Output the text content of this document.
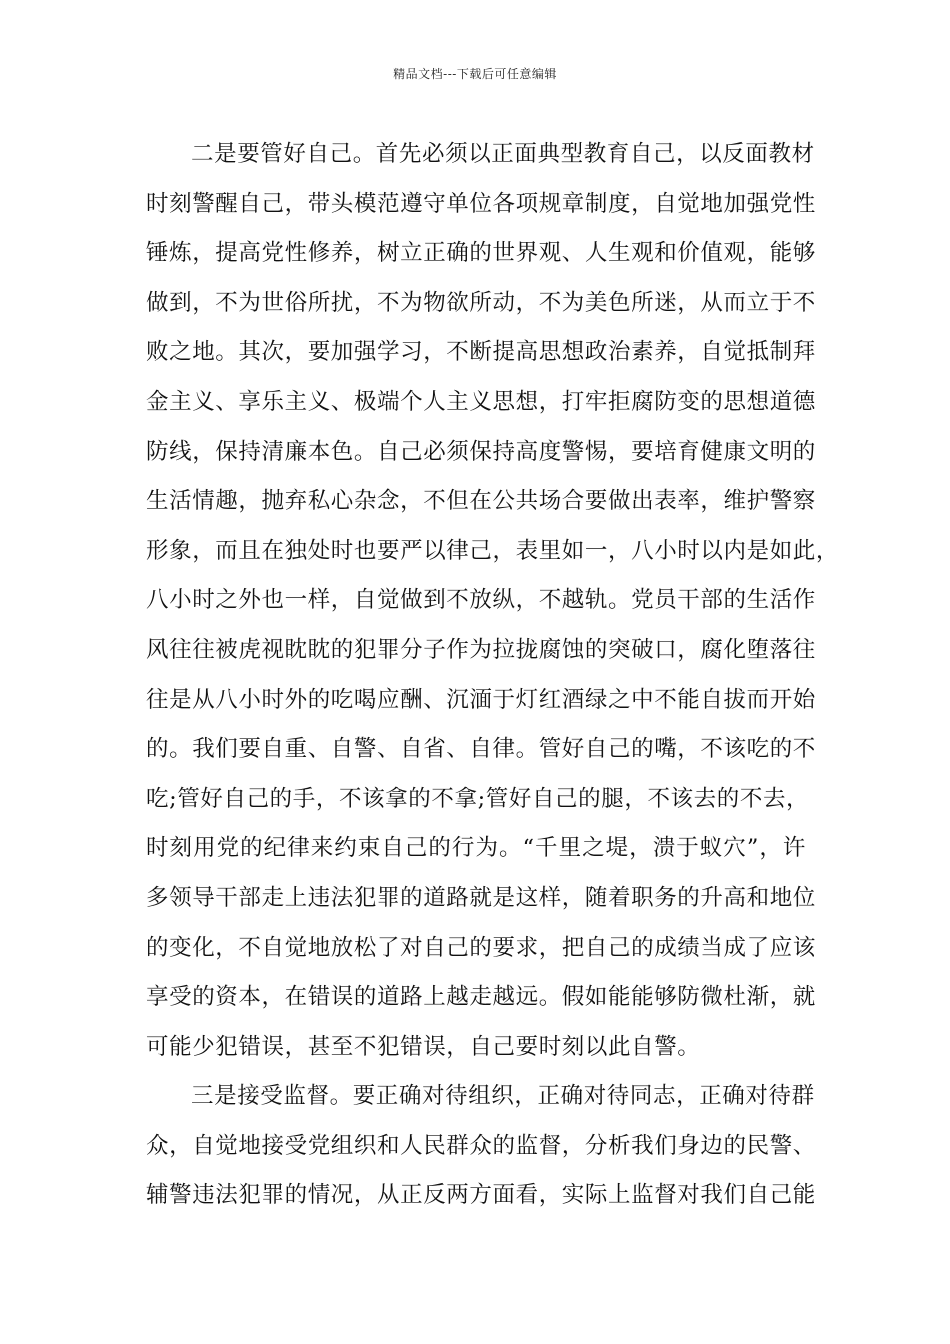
精品文档---下载后可任意编辑
二是要管好自己。首先必须以正面典型教育自己，以反面教材
时刻警醒自己，带头模范遵守单位各项规章制度，自觉地加强党性
锤炼，提高党性修养，树立正确的世界观、人生观和价值观，能够
做到，不为世俗所扰，不为物欲所动，不为美色所迷，从而立于不
败之地。其次，要加强学习，不断提高思想政治素养，自觉抵制拜
金主义、享乐主义、极端个人主义思想，打牢拒腐防变的思想道德
防线，保持清廉本色。自己必须保持高度警惕，要培育健康文明的
生活情趣，抛弃私心杂念，不但在公共场合要做出表率，维护警察
形象，而且在独处时也要严以律己，表里如一，八小时以内是如此，
八小时之外也一样，自觉做到不放纵，不越轨。党员干部的生活作
风往往被虎视眈眈的犯罪分子作为拉拢腐蚀的突破口，腐化堕落往
往是从八小时外的吃喝应酬、沉湎于灯红酒绿之中不能自拔而开始
的。我们要自重、自警、自省、自律。管好自己的嘴，不该吃的不
吃;管好自己的手，不该拿的不拿;管好自己的腿，不该去的不去，
时刻用党的纪律来约束自己的行为。“千里之堤，溃于蚁穴”，许
多领导干部走上违法犯罪的道路就是这样，随着职务的升高和地位
的变化，不自觉地放松了对自己的要求，把自己的成绩当成了应该
享受的资本，在错误的道路上越走越远。假如能能够防微杜渐，就
可能少犯错误，甚至不犯错误，自己要时刻以此自警。
三是接受监督。要正确对待组织，正确对待同志，正确对待群
众，自觉地接受党组织和人民群众的监督，分析我们身边的民警、
辅警违法犯罪的情况，从正反两方面看，实际上监督对我们自己能
